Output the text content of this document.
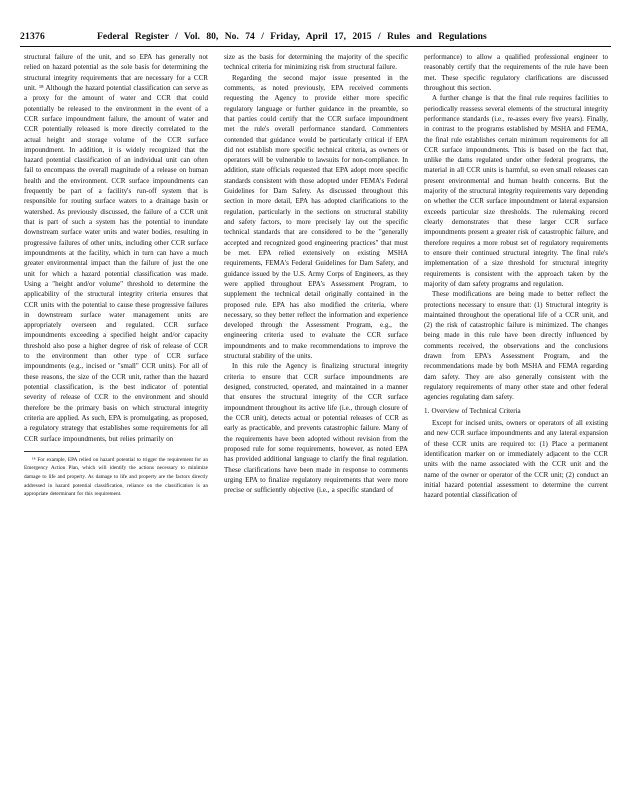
21376	Federal Register / Vol. 80, No. 74 / Friday, April 17, 2015 / Rules and Regulations

structural failure of the unit, and so EPA has generally not relied on hazard potential as the sole basis for determining the structural integrity requirements that are necessary for a CCR unit. ¹⁸ Although the hazard potential classification can serve as a proxy for the amount of water and CCR that could potentially be released to the environment in the event of a CCR surface impoundment failure, the amount of water and CCR potentially released is more directly correlated to the actual height and storage volume of the CCR surface impoundment. In addition, it is widely recognized that the hazard potential classification of an individual unit can often fail to encompass the overall magnitude of a release on human health and the environment. CCR surface impoundments can frequently be part of a facility's run-off system that is responsible for routing surface waters to a drainage basin or watershed. As previously discussed, the failure of a CCR unit that is part of such a system has the potential to inundate downstream surface water units and water bodies, resulting in progressive failures of other units, including other CCR surface impoundments at the facility, which in turn can have a much greater environmental impact than the failure of just the one unit for which a hazard potential classification was made. Using a "height and/or volume" threshold to determine the applicability of the structural integrity criteria ensures that CCR units with the potential to cause these progressive failures in downstream surface water management units are appropriately overseen and regulated. CCR surface impoundments exceeding a specified height and/or capacity threshold also pose a higher degree of risk of release of CCR to the environment than other type of CCR surface impoundments (e.g., incised or "small" CCR units). For all of these reasons, the size of the CCR unit, rather than the hazard potential classification, is the best indicator of potential severity of release of CCR to the environment and should therefore be the primary basis on which structural integrity criteria are applied. As such, EPA is promulgating, as proposed, a regulatory strategy that establishes some requirements for all CCR surface impoundments, but relies primarily on

¹⁸ For example, EPA relied on hazard potential to trigger the requirement for an Emergency Action Plan, which will identify the actions necessary to minimize damage to life and property. As damage to life and property are the factors directly addressed in hazard potential classification, reliance on the classification is an appropriate determinant for this requirement.

size as the basis for determining the majority of the specific technical criteria for minimizing risk from structural failure.

Regarding the second major issue presented in the comments, as noted previously, EPA received comments requesting the Agency to provide either more specific regulatory language or further guidance in the preamble, so that parties could certify that the CCR surface impoundment met the rule's overall performance standard. Commenters contended that guidance would be particularly critical if EPA did not establish more specific technical criteria, as owners or operators will be vulnerable to lawsuits for non-compliance. In addition, state officials requested that EPA adopt more specific standards consistent with those adopted under FEMA's Federal Guidelines for Dam Safety. As discussed throughout this section in more detail, EPA has adopted clarifications to the regulation, particularly in the sections on structural stability and safety factors, to more precisely lay out the specific technical standards that are considered to be the "generally accepted and recognized good engineering practices" that must be met. EPA relied extensively on existing MSHA requirements, FEMA's Federal Guidelines for Dam Safety, and guidance issued by the U.S. Army Corps of Engineers, as they were applied throughout EPA's Assessment Program, to supplement the technical detail originally contained in the proposed rule. EPA has also modified the criteria, where necessary, so they better reflect the information and experience developed through the Assessment Program, e.g., the engineering criteria used to evaluate the CCR surface impoundments and to make recommendations to improve the structural stability of the units.

In this rule the Agency is finalizing structural integrity criteria to ensure that CCR surface impoundments are designed, constructed, operated, and maintained in a manner that ensures the structural integrity of the CCR surface impoundment throughout its active life (i.e., through closure of the CCR unit), detects actual or potential releases of CCR as early as practicable, and prevents catastrophic failure. Many of the requirements have been adopted without revision from the proposed rule for some requirements, however, as noted EPA has provided additional language to clarify the final regulation. These clarifications have been made in response to comments urging EPA to finalize regulatory requirements that were more precise or sufficiently objective (i.e., a specific standard of

performance) to allow a qualified professional engineer to reasonably certify that the requirements of the rule have been met. These specific regulatory clarifications are discussed throughout this section.

A further change is that the final rule requires facilities to periodically reassess several elements of the structural integrity performance standards (i.e., re-asses every five years). Finally, in contrast to the programs established by MSHA and FEMA, the final rule establishes certain minimum requirements for all CCR surface impoundments. This is based on the fact that, unlike the dams regulated under other federal programs, the material in all CCR units is harmful, so even small releases can present environmental and human health concerns. But the majority of the structural integrity requirements vary depending on whether the CCR surface impoundment or lateral expansion exceeds particular size thresholds. The rulemaking record clearly demonstrates that these larger CCR surface impoundments present a greater risk of catastrophic failure, and therefore requires a more robust set of regulatory requirements to ensure their continued structural integrity. The final rule's implementation of a size threshold for structural integrity requirements is consistent with the approach taken by the majority of dam safety programs and regulation.

These modifications are being made to better reflect the protections necessary to ensure that: (1) Structural integrity is maintained throughout the operational life of a CCR unit, and (2) the risk of catastrophic failure is minimized. The changes being made in this rule have been directly influenced by comments received, the observations and the conclusions drawn from EPA's Assessment Program, and the recommendations made by both MSHA and FEMA regarding dam safety. They are also generally consistent with the regulatory requirements of many other state and other federal agencies regulating dam safety.

1. Overview of Technical Criteria

Except for incised units, owners or operators of all existing and new CCR surface impoundments and any lateral expansion of these CCR units are required to: (1) Place a permanent identification marker on or immediately adjacent to the CCR units with the name associated with the CCR unit and the name of the owner or operator of the CCR unit; (2) conduct an initial hazard potential assessment to determine the current hazard potential classification of
